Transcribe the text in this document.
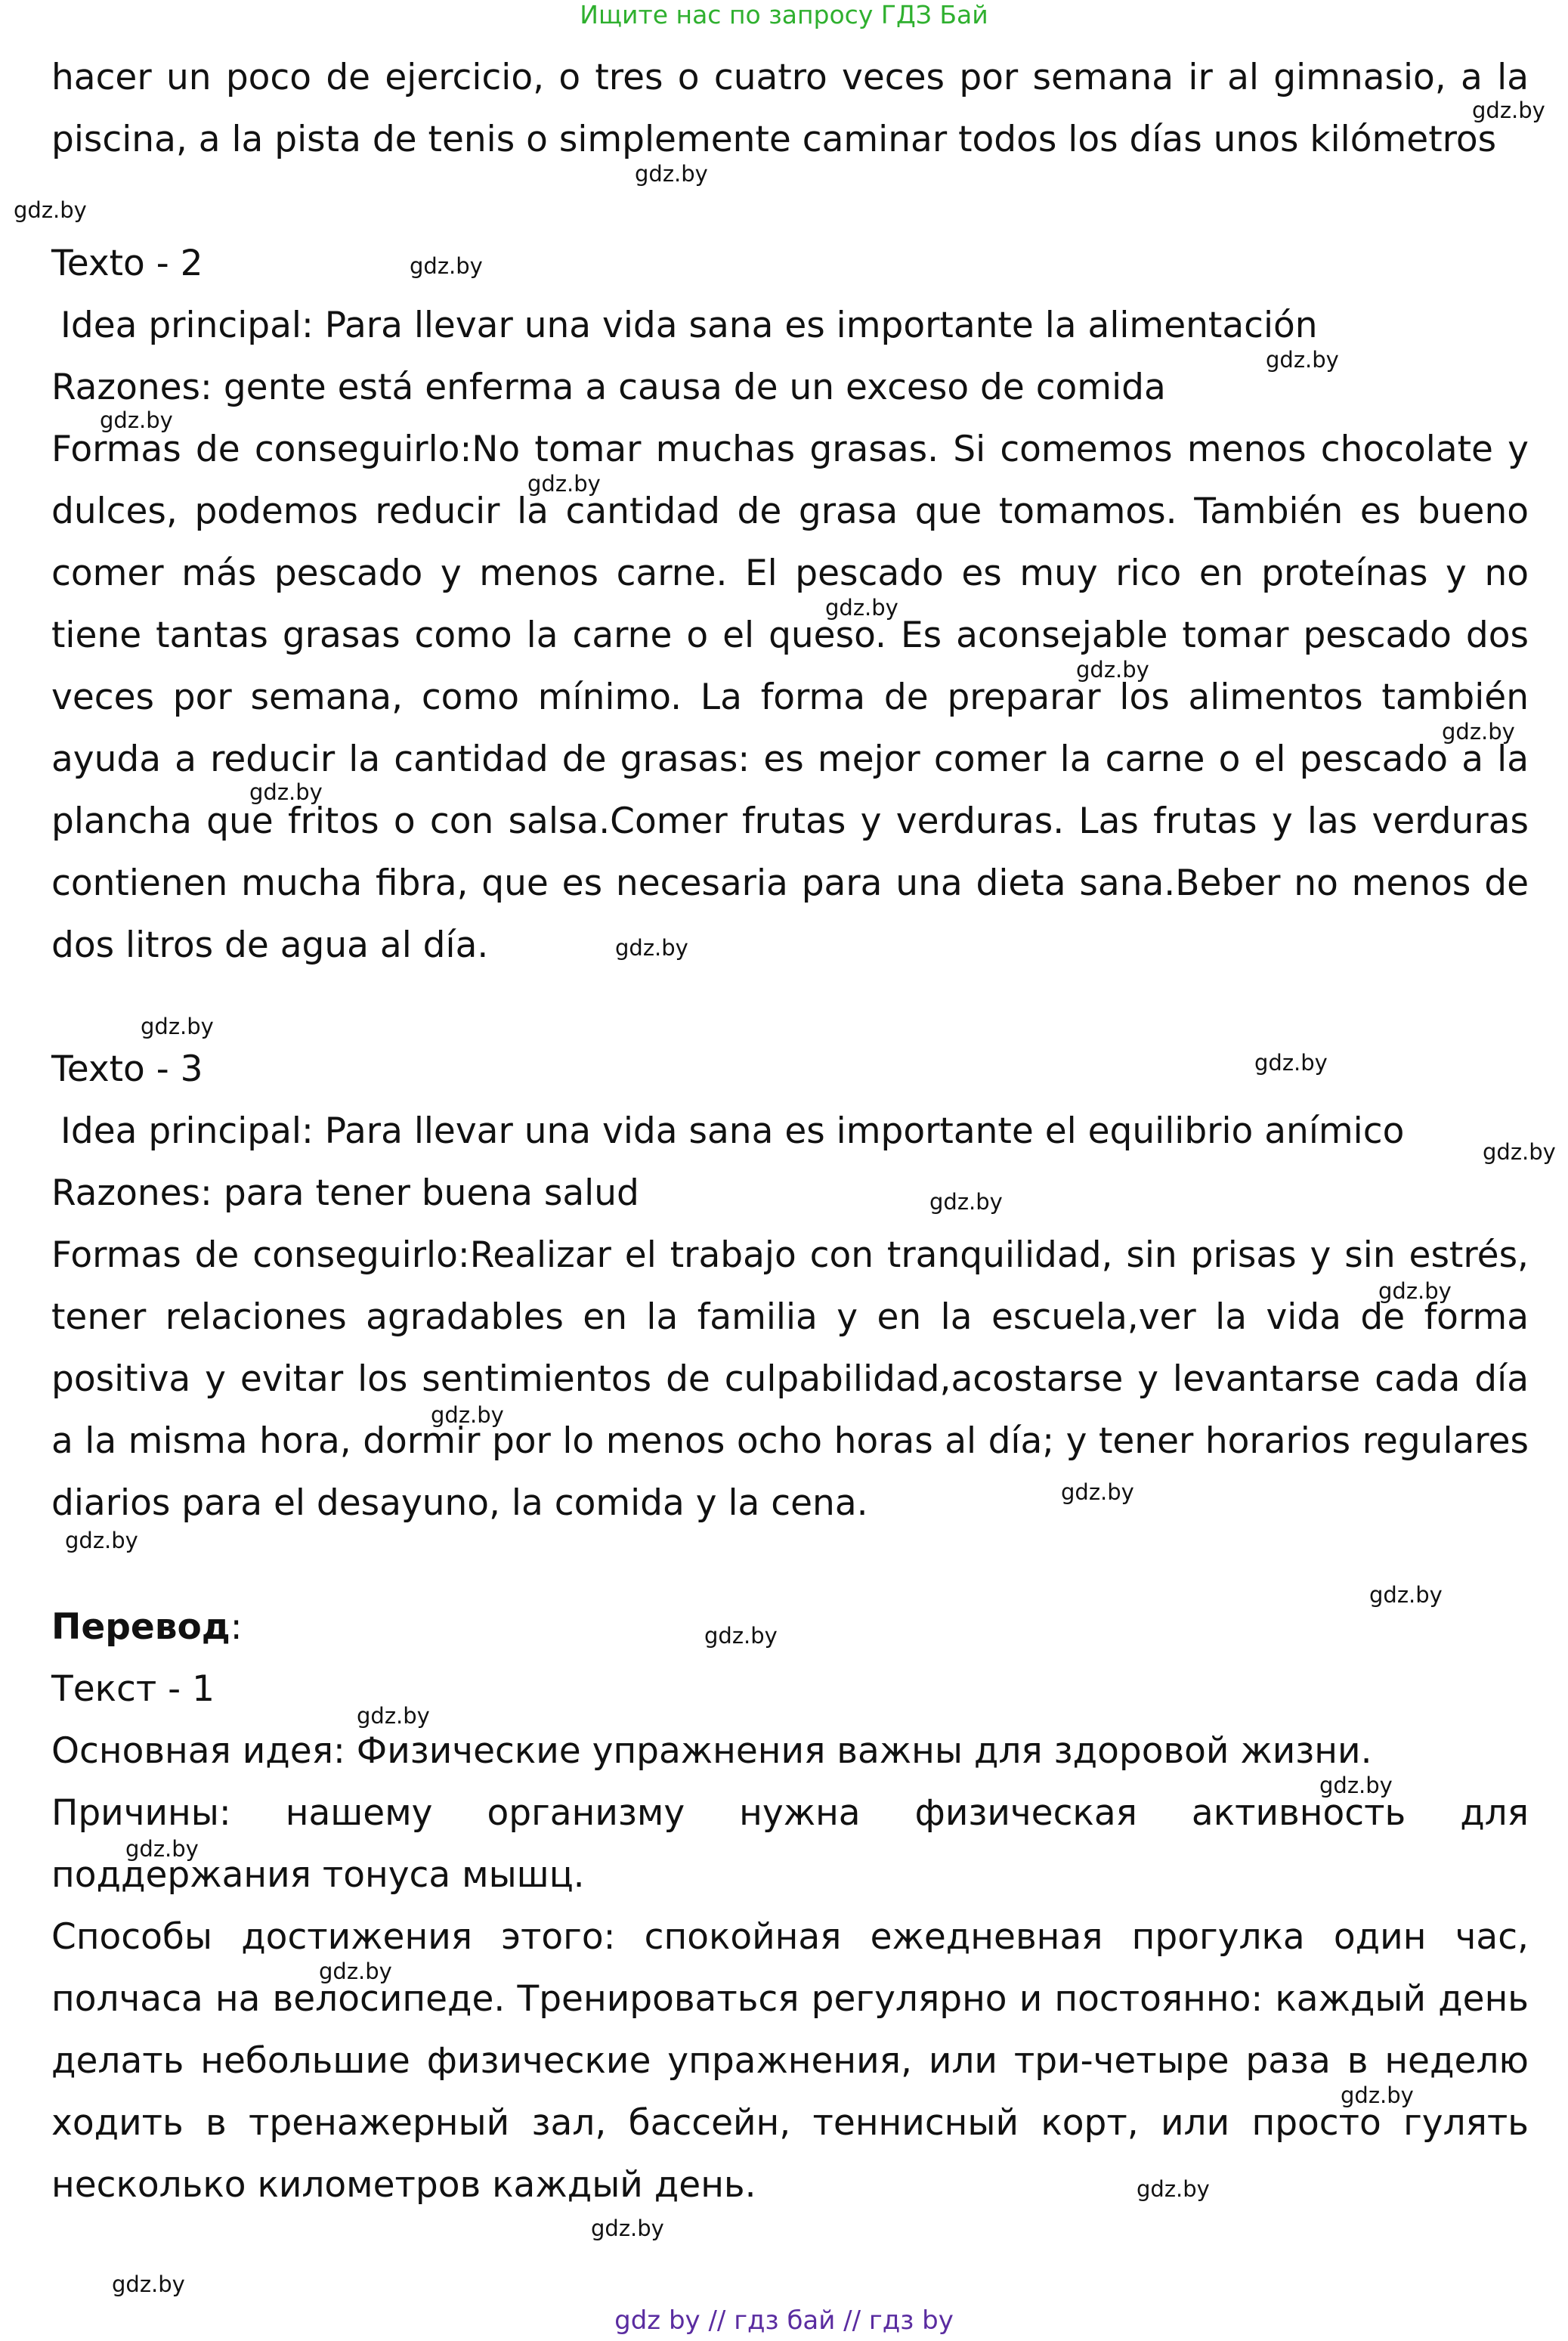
Ищите нас по запросу ГДЗ Бай

hacer un poco de ejercicio, o tres o cuatro veces por semana ir al gimnasio, a la piscina, a la pista de tenis o simplemente caminar todos los días unos kilómetros

Texto - 2

Idea principal: Para llevar una vida sana es importante la alimentación

Razones: gente está enferma a causa de un exceso de comida

Formas de conseguirlo:No tomar muchas grasas. Si comemos menos chocolate y dulces, podemos reducir la cantidad de grasa que tomamos. También es bueno comer más pescado y menos carne. El pescado es muy rico en proteínas y no tiene tantas grasas como la carne o el queso. Es aconsejable tomar pescado dos veces por semana, como mínimo. La forma de preparar los alimentos también ayuda a reducir la cantidad de grasas: es mejor comer la carne o el pescado a la plancha que fritos o con salsa.Comer frutas y verduras. Las frutas y las verduras contienen mucha fibra, que es necesaria para una dieta sana.Beber no menos de dos litros de agua al día.

Texto - 3

Idea principal: Para llevar una vida sana es importante el equilibrio anímico

Razones: para tener buena salud

Formas de conseguirlo:Realizar el trabajo con tranquilidad, sin prisas y sin estrés, tener relaciones agradables en la familia y en la escuela,ver la vida de forma positiva y evitar los sentimientos de culpabilidad,acostarse y levantarse cada día a la misma hora, dormir por lo menos ocho horas al día; y tener horarios regulares diarios para el desayuno, la comida y la cena.

Перевод:

Текст - 1

Основная идея: Физические упражнения важны для здоровой жизни.

Причины: нашему организму нужна физическая активность для поддержания тонуса мышц.

Способы достижения этого: спокойная ежедневная прогулка один час, полчаса на велосипеде. Тренироваться регулярно и постоянно: каждый день делать небольшие физические упражнения, или три-четыре раза в неделю ходить в тренажерный зал, бассейн, теннисный корт, или просто гулять несколько километров каждый день.

gdz.by
gdz.by
gdz.by
gdz.by
gdz.by
gdz.by
gdz.by
gdz.by
gdz.by
gdz.by
gdz.by
gdz.by
gdz.by
gdz.by
gdz.by
gdz.by
gdz.by
gdz.by
gdz.by
gdz.by
gdz.by
gdz.by
gdz.by
gdz.by
gdz.by
gdz.by
gdz.by
gdz.by
gdz.by
gdz.by
gdz by // гдз бай // гдз by
